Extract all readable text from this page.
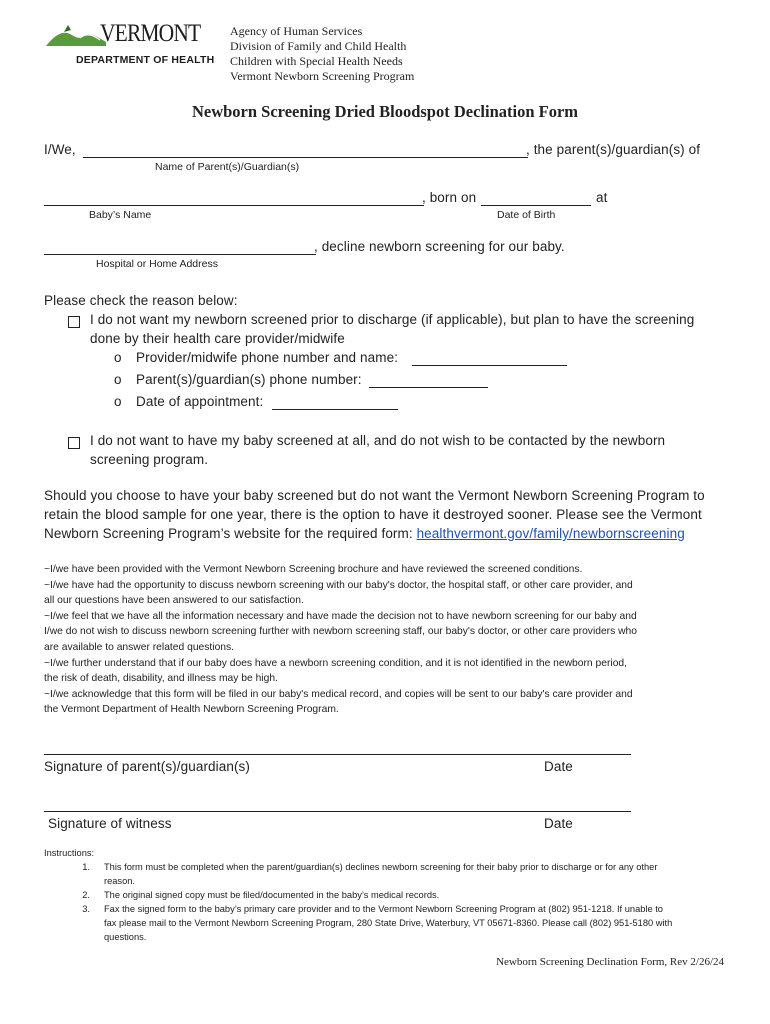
VERMONT
DEPARTMENT OF HEALTH
Agency of Human Services
Division of Family and Child Health
Children with Special Health Needs
Vermont Newborn Screening Program
Newborn Screening Dried Bloodspot Declination Form
I/We,	, the parent(s)/guardian(s) of
Name of Parent(s)/Guardian(s)
, born on	at
Baby’s Name	Date of Birth
, decline newborn screening for our baby.
Hospital or Home Address
Please check the reason below:
I do not want my newborn screened prior to discharge (if applicable), but plan to have the screening
done by their health care provider/midwife
o Provider/midwife phone number and name:
o Parent(s)/guardian(s) phone number:
o Date of appointment:
I do not want to have my baby screened at all, and do not wish to be contacted by the newborn
screening program.
Should you choose to have your baby screened but do not want the Vermont Newborn Screening Program to
retain the blood sample for one year, there is the option to have it destroyed sooner. Please see the Vermont
Newborn Screening Program’s website for the required form: healthvermont.gov/family/newbornscreening
~I/we have been provided with the Vermont Newborn Screening brochure and have reviewed the screened conditions.
~I/we have had the opportunity to discuss newborn screening with our baby's doctor, the hospital staff, or other care provider, and
all our questions have been answered to our satisfaction.
~I/we feel that we have all the information necessary and have made the decision not to have newborn screening for our baby and
I/we do not wish to discuss newborn screening further with newborn screening staff, our baby's doctor, or other care providers who
are available to answer related questions.
~I/we further understand that if our baby does have a newborn screening condition, and it is not identified in the newborn period,
the risk of death, disability, and illness may be high.
~I/we acknowledge that this form will be filed in our baby's medical record, and copies will be sent to our baby's care provider and
the Vermont Department of Health Newborn Screening Program.
Signature of parent(s)/guardian(s)	Date
Signature of witness	Date
Instructions:
1. This form must be completed when the parent/guardian(s) declines newborn screening for their baby prior to discharge or for any other
reason.
2. The original signed copy must be filed/documented in the baby’s medical records.
3. Fax the signed form to the baby’s primary care provider and to the Vermont Newborn Screening Program at (802) 951-1218. If unable to
fax please mail to the Vermont Newborn Screening Program, 280 State Drive, Waterbury, VT 05671-8360. Please call (802) 951-5180 with
questions.
Newborn Screening Declination Form, Rev 2/26/24
